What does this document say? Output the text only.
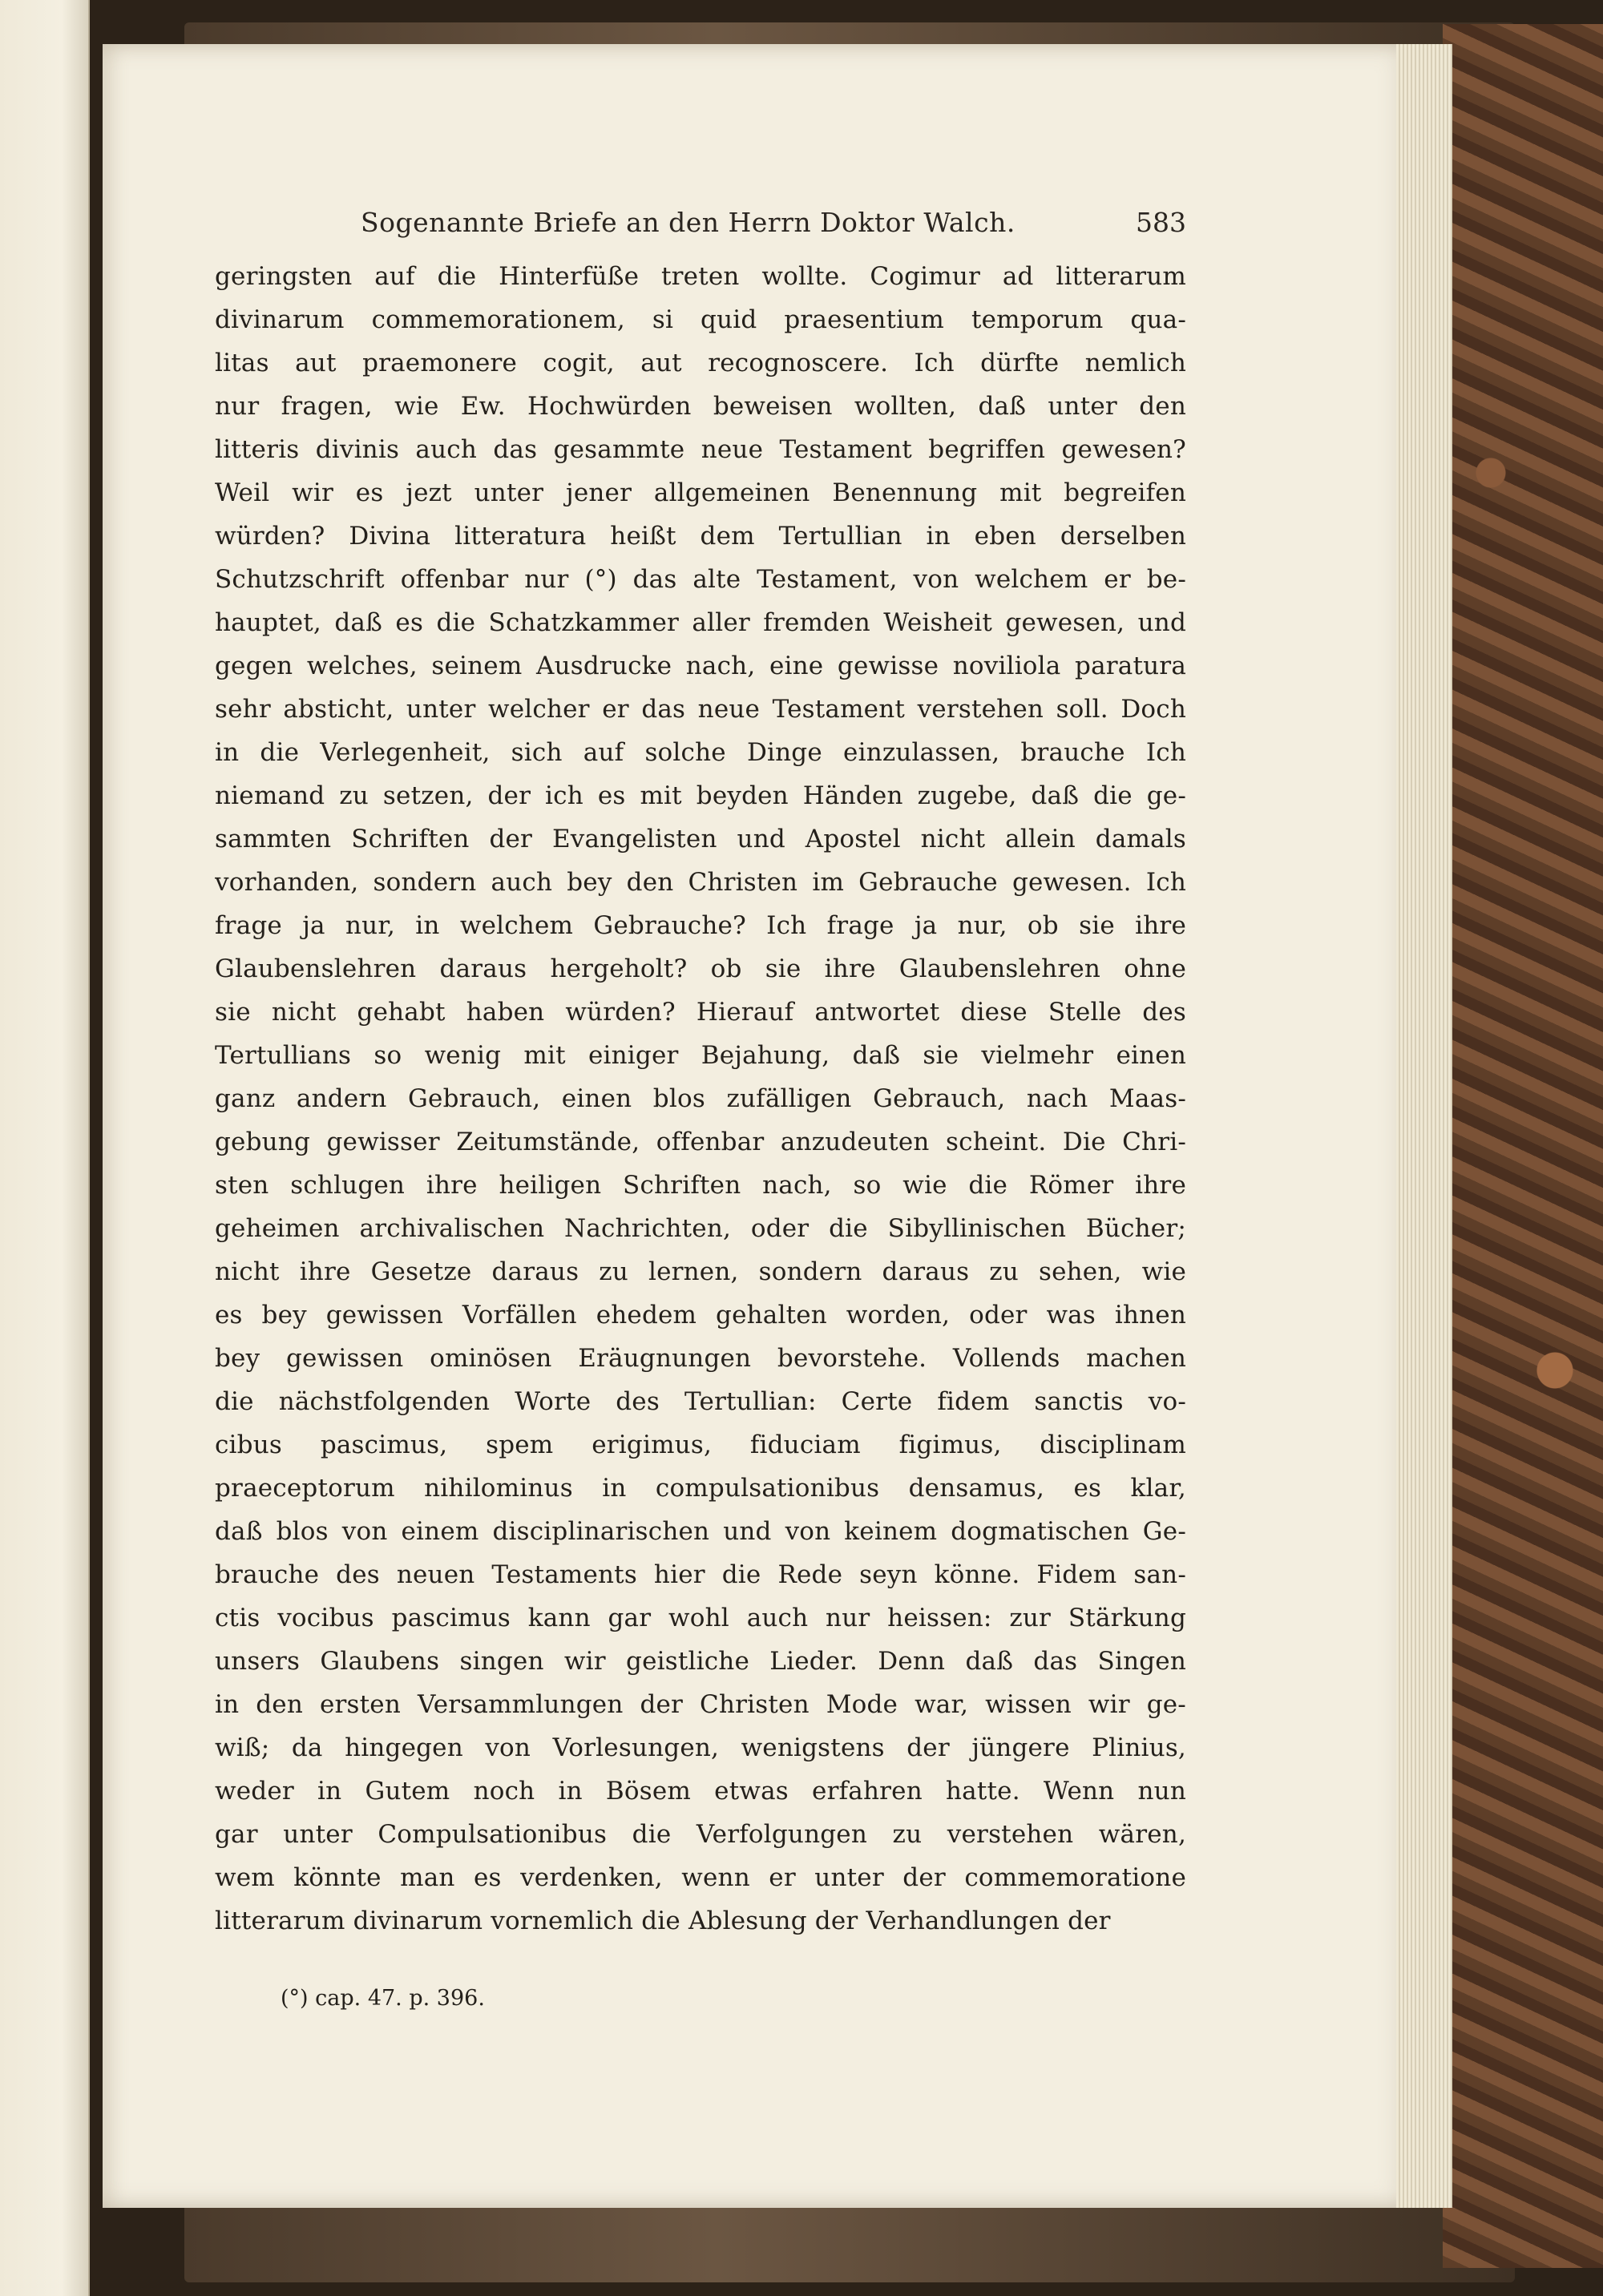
Sogenannte Briefe an den Herrn Doktor Walch.	583
geringsten auf die Hinterfüße treten wollte. Cogimur ad litterarum
divinarum commemorationem, si quid praesentium temporum qua-
litas aut praemonere cogit, aut recognoscere. Ich dürfte nemlich
nur fragen, wie Ew. Hochwürden beweisen wollten, daß unter den
litteris divinis auch das gesammte neue Testament begriffen gewesen?
Weil wir es jezt unter jener allgemeinen Benennung mit begreifen
würden? Divina litteratura heißt dem Tertullian in eben derselben
Schutzschrift offenbar nur (°) das alte Testament, von welchem er be-
hauptet, daß es die Schatzkammer aller fremden Weisheit gewesen, und
gegen welches, seinem Ausdrucke nach, eine gewisse noviliola paratura
sehr absticht, unter welcher er das neue Testament verstehen soll. Doch
in die Verlegenheit, sich auf solche Dinge einzulassen, brauche Ich
niemand zu setzen, der ich es mit beyden Händen zugebe, daß die ge-
sammten Schriften der Evangelisten und Apostel nicht allein damals
vorhanden, sondern auch bey den Christen im Gebrauche gewesen. Ich
frage ja nur, in welchem Gebrauche? Ich frage ja nur, ob sie ihre
Glaubenslehren daraus hergeholt? ob sie ihre Glaubenslehren ohne
sie nicht gehabt haben würden? Hierauf antwortet diese Stelle des
Tertullians so wenig mit einiger Bejahung, daß sie vielmehr einen
ganz andern Gebrauch, einen blos zufälligen Gebrauch, nach Maas-
gebung gewisser Zeitumstände, offenbar anzudeuten scheint. Die Chri-
sten schlugen ihre heiligen Schriften nach, so wie die Römer ihre
geheimen archivalischen Nachrichten, oder die Sibyllinischen Bücher;
nicht ihre Gesetze daraus zu lernen, sondern daraus zu sehen, wie
es bey gewissen Vorfällen ehedem gehalten worden, oder was ihnen
bey gewissen ominösen Eräugnungen bevorstehe. Vollends machen
die nächstfolgenden Worte des Tertullian: Certe fidem sanctis vo-
cibus pascimus, spem erigimus, fiduciam figimus, disciplinam
praeceptorum nihilominus in compulsationibus densamus, es klar,
daß blos von einem disciplinarischen und von keinem dogmatischen Ge-
brauche des neuen Testaments hier die Rede seyn könne. Fidem san-
ctis vocibus pascimus kann gar wohl auch nur heissen: zur Stärkung
unsers Glaubens singen wir geistliche Lieder. Denn daß das Singen
in den ersten Versammlungen der Christen Mode war, wissen wir ge-
wiß; da hingegen von Vorlesungen, wenigstens der jüngere Plinius,
weder in Gutem noch in Bösem etwas erfahren hatte. Wenn nun
gar unter Compulsationibus die Verfolgungen zu verstehen wären,
wem könnte man es verdenken, wenn er unter der commemoratione
litterarum divinarum vornemlich die Ablesung der Verhandlungen der
(°) cap. 47. p. 396.
